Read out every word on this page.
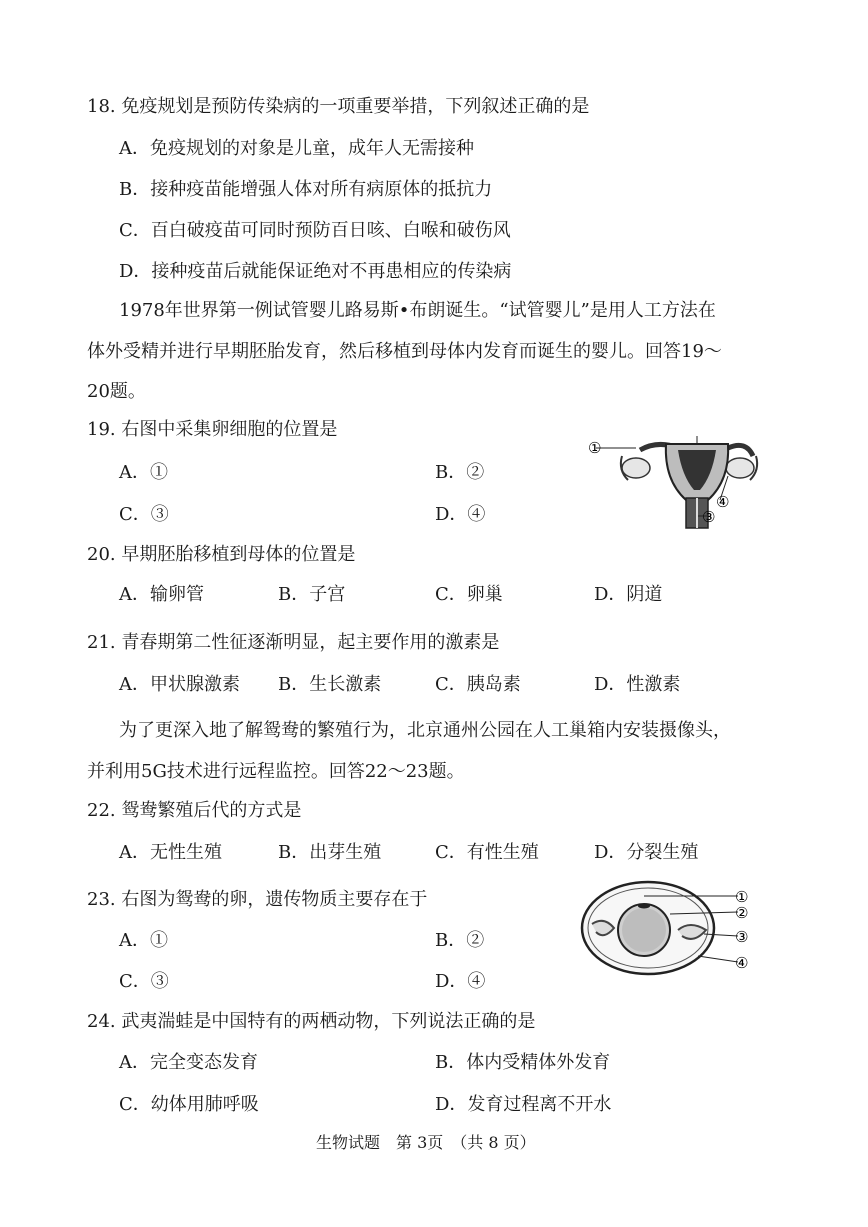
18. 免疫规划是预防传染病的一项重要举措，下列叙述正确的是
A．免疫规划的对象是儿童，成年人无需接种
B．接种疫苗能增强人体对所有病原体的抵抗力
C．百白破疫苗可同时预防百日咳、白喉和破伤风
D．接种疫苗后就能保证绝对不再患相应的传染病
1978年世界第一例试管婴儿路易斯•布朗诞生。“试管婴儿”是用人工方法在
体外受精并进行早期胚胎发育，然后移植到母体内发育而诞生的婴儿。回答19～
20题。
19. 右图中采集卵细胞的位置是
A．①	B．②
C．③	D．④
①
④
③
20. 早期胚胎移植到母体的位置是
A．输卵管	B．子宫	C．卵巢	D．阴道
21. 青春期第二性征逐渐明显，起主要作用的激素是
A．甲状腺激素 B．生长激素	C．胰岛素	D．性激素
为了更深入地了解鸳鸯的繁殖行为，北京通州公园在人工巢箱内安装摄像头，
并利用5G技术进行远程监控。回答22～23题。
22. 鸳鸯繁殖后代的方式是
A．无性生殖	B．出芽生殖	C．有性生殖	D．分裂生殖
23. 右图为鸳鸯的卵，遗传物质主要存在于
A．①	B．②
C．③	D．④
①
②
③
④
24. 武夷湍蛙是中国特有的两栖动物，下列说法正确的是
A．完全变态发育	B．体内受精体外发育
C．幼体用肺呼吸	D．发育过程离不开水
生物试题　第 3页　（共 8 页）
